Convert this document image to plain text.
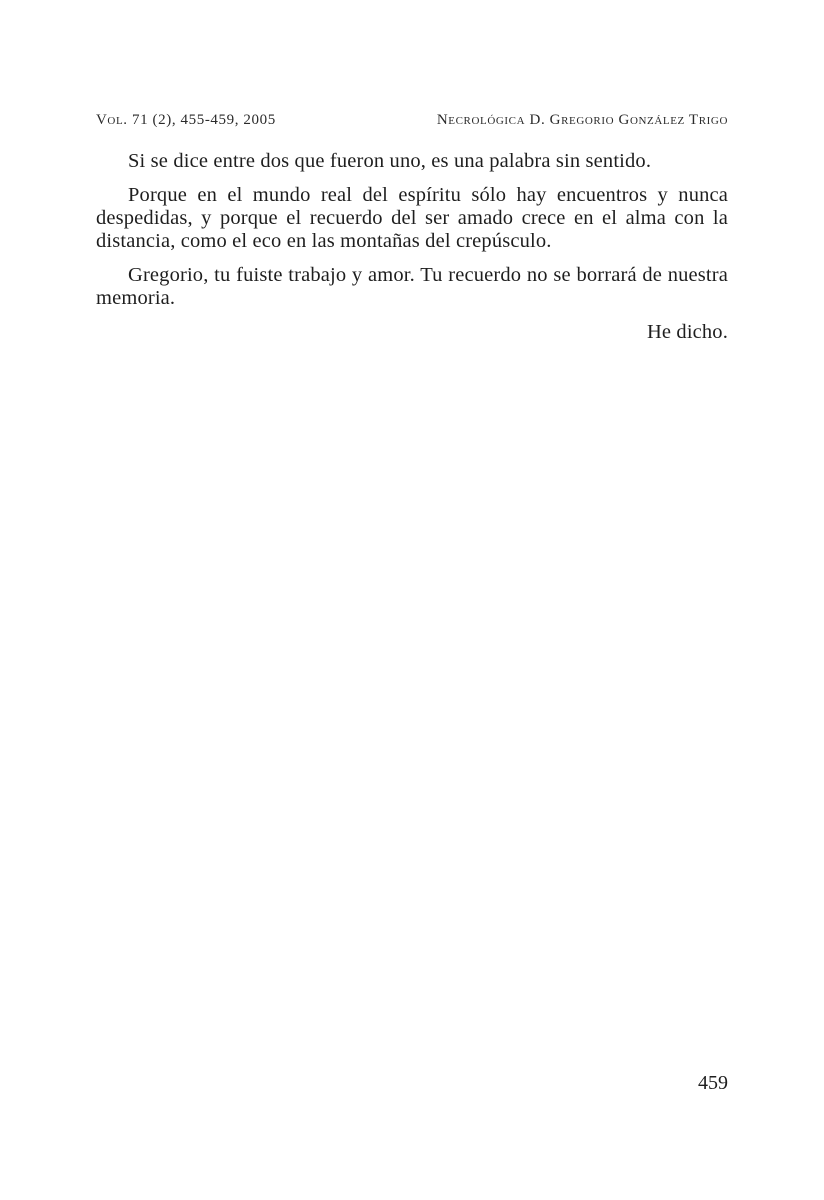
Vol. 71 (2), 455-459, 2005	Necrológica D. Gregorio González Trigo

Si se dice entre dos que fueron uno, es una palabra sin sentido.

Porque en el mundo real del espíritu sólo hay encuentros y nunca despedidas, y porque el recuerdo del ser amado crece en el alma con la distancia, como el eco en las montañas del crepúsculo.

Gregorio, tu fuiste trabajo y amor. Tu recuerdo no se borrará de nuestra memoria.

He dicho.

459
